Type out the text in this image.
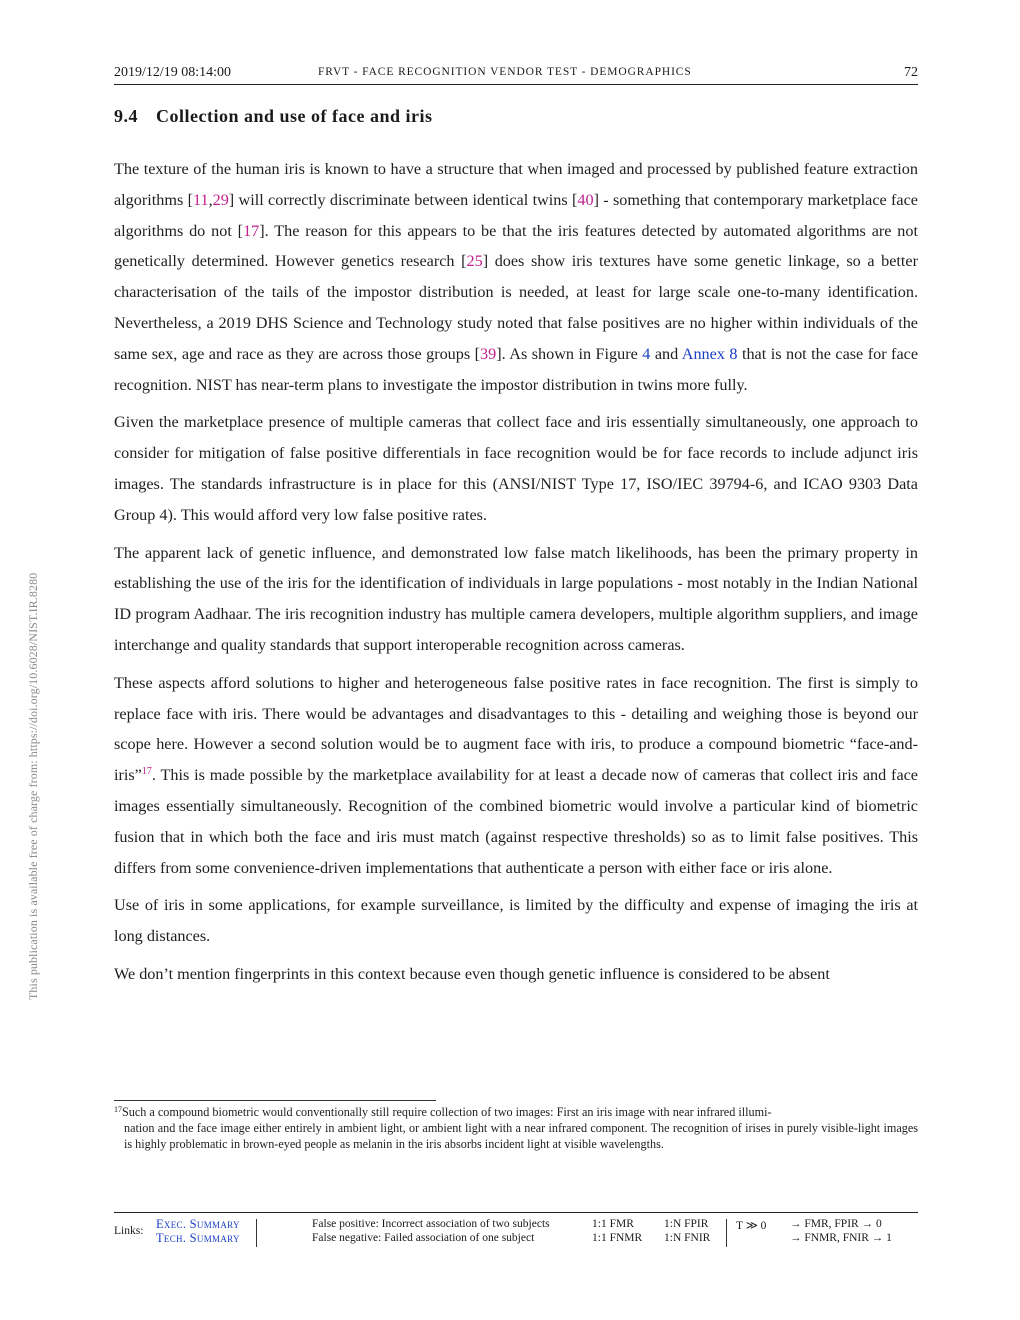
2019/12/19 08:14:00	FRVT - FACE RECOGNITION VENDOR TEST - DEMOGRAPHICS	72
This publication is available free of charge from: https://doi.org/10.6028/NIST.IR.8280
9.4 Collection and use of face and iris

The texture of the human iris is known to have a structure that when imaged and processed by published feature extraction algorithms [11,29] will correctly discriminate between identical twins [40] - something that contemporary marketplace face algorithms do not [17]. The reason for this appears to be that the iris features detected by automated algorithms are not genetically determined. However genetics research [25] does show iris textures have some genetic linkage, so a better characterisation of the tails of the impostor distribution is needed, at least for large scale one-to-many identification. Nevertheless, a 2019 DHS Science and Technology study noted that false positives are no higher within individuals of the same sex, age and race as they are across those groups [39]. As shown in Figure 4 and Annex 8 that is not the case for face recognition. NIST has near-term plans to investigate the impostor distribution in twins more fully.

Given the marketplace presence of multiple cameras that collect face and iris essentially simultaneously, one approach to consider for mitigation of false positive differentials in face recognition would be for face records to include adjunct iris images. The standards infrastructure is in place for this (ANSI/NIST Type 17, ISO/IEC 39794-6, and ICAO 9303 Data Group 4). This would afford very low false positive rates.

The apparent lack of genetic influence, and demonstrated low false match likelihoods, has been the primary property in establishing the use of the iris for the identification of individuals in large populations - most notably in the Indian National ID program Aadhaar. The iris recognition industry has multiple camera developers, multiple algorithm suppliers, and image interchange and quality standards that support interoperable recognition across cameras.

These aspects afford solutions to higher and heterogeneous false positive rates in face recognition. The first is simply to replace face with iris. There would be advantages and disadvantages to this - detailing and weighing those is beyond our scope here. However a second solution would be to augment face with iris, to produce a compound biometric “face-and-iris”$^{17}$. This is made possible by the marketplace availability for at least a decade now of cameras that collect iris and face images essentially simultaneously. Recognition of the combined biometric would involve a particular kind of biometric fusion that in which both the face and iris must match (against respective thresholds) so as to limit false positives. This differs from some convenience-driven implementations that authenticate a person with either face or iris alone.

Use of iris in some applications, for example surveillance, is limited by the difficulty and expense of imaging the iris at long distances.

We don’t mention fingerprints in this context because even though genetic influence is considered to be absent

$^{17}$Such a compound biometric would conventionally still require collection of two images: First an iris image with near infrared illumi-
nation and the face image either entirely in ambient light, or ambient light with a near infrared component. The recognition of irises in purely visible-light images is highly problematic in brown-eyed people as melanin in the iris absorbs incident light at visible wavelengths.
Links: Exec. Summary
Tech. Summary
False positive: Incorrect association of two subjects
False negative: Failed association of one subject
1:1 FMR
1:1 FNMR
1:N FPIR
1:N FNIR
T ≫ 0 → FMR, FPIR → 0
→ FNMR, FNIR → 1
